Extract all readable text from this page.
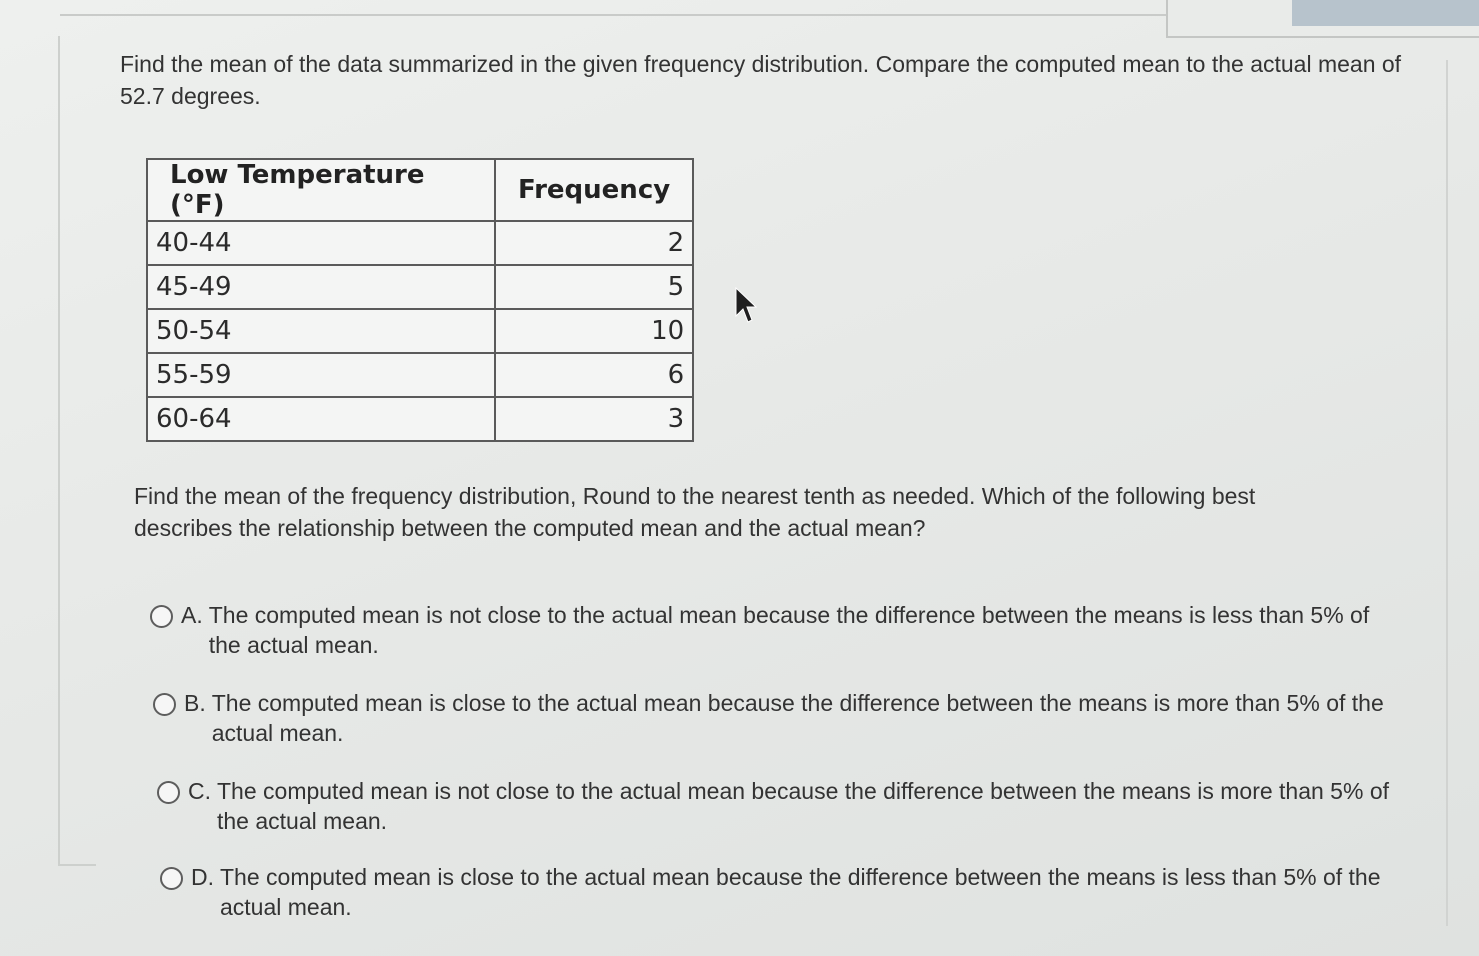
Find the mean of the data summarized in the given frequency distribution. Compare the computed mean to the actual mean of 52.7 degrees.
Low Temperature (°F)	Frequency
40-44	2
45-49	5
50-54	10
55-59	6
60-64	3
Find the mean of the frequency distribution, Round to the nearest tenth as needed. Which of the following best describes the relationship between the computed mean and the actual mean?
A. The computed mean is not close to the actual mean because the difference between the means is less than 5% of the actual mean.
B. The computed mean is close to the actual mean because the difference between the means is more than 5% of the actual mean.
C. The computed mean is not close to the actual mean because the difference between the means is more than 5% of the actual mean.
D. The computed mean is close to the actual mean because the difference between the means is less than 5% of the actual mean.
